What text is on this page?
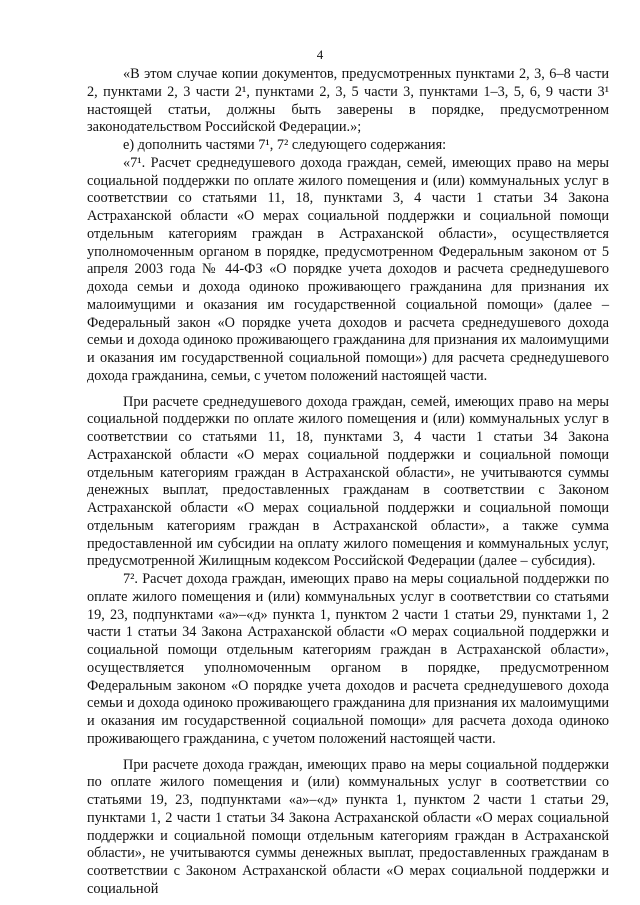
4

«В этом случае копии документов, предусмотренных пунктами 2, 3, 6–8 части 2, пунктами 2, 3 части 2¹, пунктами 2, 3, 5 части 3, пунктами 1–3, 5, 6, 9 части 3¹ настоящей статьи, должны быть заверены в порядке, предусмотренном законодательством Российской Федерации.»;

е) дополнить частями 7¹, 7² следующего содержания:

«7¹. Расчет среднедушевого дохода граждан, семей, имеющих право на меры социальной поддержки по оплате жилого помещения и (или) коммунальных услуг в соответствии со статьями 11, 18, пунктами 3, 4 части 1 статьи 34 Закона Астраханской области «О мерах социальной поддержки и социальной помощи отдельным категориям граждан в Астраханской области», осуществляется уполномоченным органом в порядке, предусмотренном Федеральным законом от 5 апреля 2003 года № 44-ФЗ «О порядке учета доходов и расчета среднедушевого дохода семьи и дохода одиноко проживающего гражданина для признания их малоимущими и оказания им государственной социальной помощи» (далее – Федеральный закон «О порядке учета доходов и расчета среднедушевого дохода семьи и дохода одиноко проживающего гражданина для признания их малоимущими и оказания им государственной социальной помощи») для расчета среднедушевого дохода гражданина, семьи, с учетом положений настоящей части.

При расчете среднедушевого дохода граждан, семей, имеющих право на меры социальной поддержки по оплате жилого помещения и (или) коммунальных услуг в соответствии со статьями 11, 18, пунктами 3, 4 части 1 статьи 34 Закона Астраханской области «О мерах социальной поддержки и социальной помощи отдельным категориям граждан в Астраханской области», не учитываются суммы денежных выплат, предоставленных гражданам в соответствии с Законом Астраханской области «О мерах социальной поддержки и социальной помощи отдельным категориям граждан в Астраханской области», а также сумма предоставленной им субсидии на оплату жилого помещения и коммунальных услуг, предусмотренной Жилищным кодексом Российской Федерации (далее – субсидия).

7². Расчет дохода граждан, имеющих право на меры социальной поддержки по оплате жилого помещения и (или) коммунальных услуг в соответствии со статьями 19, 23, подпунктами «а»–«д» пункта 1, пунктом 2 части 1 статьи 29, пунктами 1, 2 части 1 статьи 34 Закона Астраханской области «О мерах социальной поддержки и социальной помощи отдельным категориям граждан в Астраханской области», осуществляется уполномоченным органом в порядке, предусмотренном Федеральным законом «О порядке учета доходов и расчета среднедушевого дохода семьи и дохода одиноко проживающего гражданина для признания их малоимущими и оказания им государственной социальной помощи» для расчета дохода одиноко проживающего гражданина, с учетом положений настоящей части.

При расчете дохода граждан, имеющих право на меры социальной поддержки по оплате жилого помещения и (или) коммунальных услуг в соответствии со статьями 19, 23, подпунктами «а»–«д» пункта 1, пунктом 2 части 1 статьи 29, пунктами 1, 2 части 1 статьи 34 Закона Астраханской области «О мерах социальной поддержки и социальной помощи отдельным категориям граждан в Астраханской области», не учитываются суммы денежных выплат, предоставленных гражданам в соответствии с Законом Астраханской области «О мерах социальной поддержки и социальной
